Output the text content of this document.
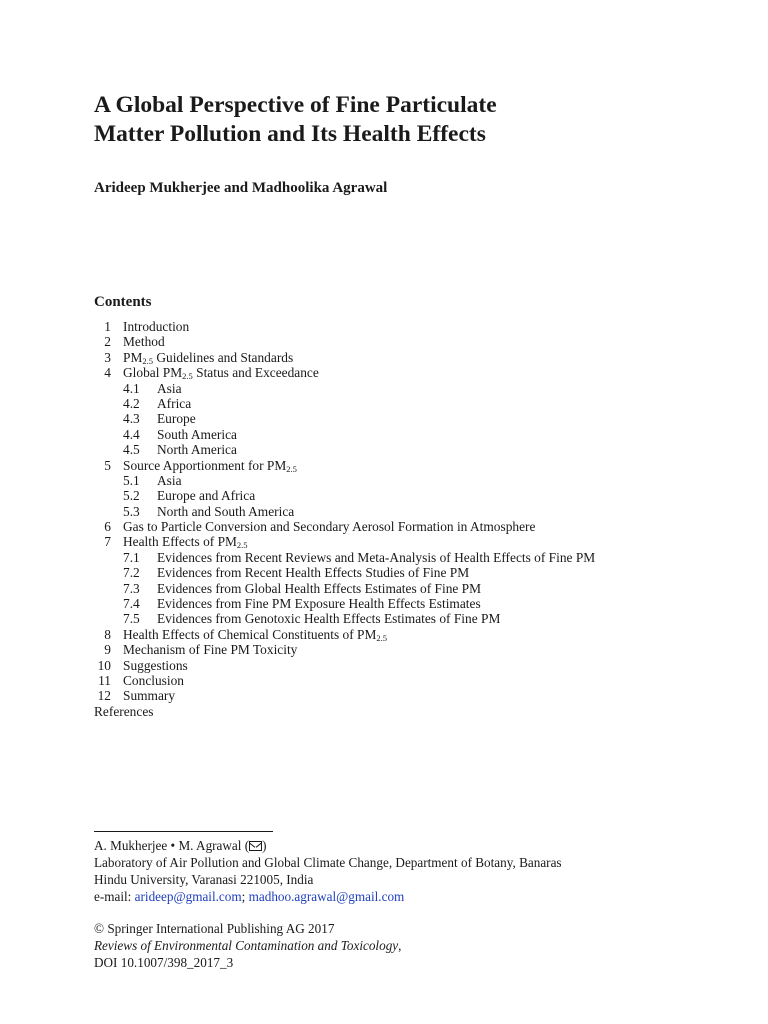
A Global Perspective of Fine Particulate
Matter Pollution and Its Health Effects

Arideep Mukherjee and Madhoolika Agrawal

Contents
1 Introduction
2 Method
3 $PM_{2.5}$ Guidelines and Standards
4 Global $PM_{2.5}$ Status and Exceedance
4.1 Asia
4.2 Africa
4.3 Europe
4.4 South America
4.5 North America
5 Source Apportionment for $PM_{2.5}$
5.1 Asia
5.2 Europe and Africa
5.3 North and South America
6 Gas to Particle Conversion and Secondary Aerosol Formation in Atmosphere
7 Health Effects of $PM_{2.5}$
7.1 Evidences from Recent Reviews and Meta-Analysis of Health Effects of Fine PM
7.2 Evidences from Recent Health Effects Studies of Fine PM
7.3 Evidences from Global Health Effects Estimates of Fine PM
7.4 Evidences from Fine PM Exposure Health Effects Estimates
7.5 Evidences from Genotoxic Health Effects Estimates of Fine PM
8 Health Effects of Chemical Constituents of $PM_{2.5}$
9 Mechanism of Fine PM Toxicity
10 Suggestions
11 Conclusion
12 Summary
References
A. Mukherjee • M. Agrawal ( )
Laboratory of Air Pollution and Global Climate Change, Department of Botany, Banaras
Hindu University, Varanasi 221005, India
e-mail: arideep@gmail.com; madhoo.agrawal@gmail.com
© Springer International Publishing AG 2017
Reviews of Environmental Contamination and Toxicology,
DOI 10.1007/398_2017_3
